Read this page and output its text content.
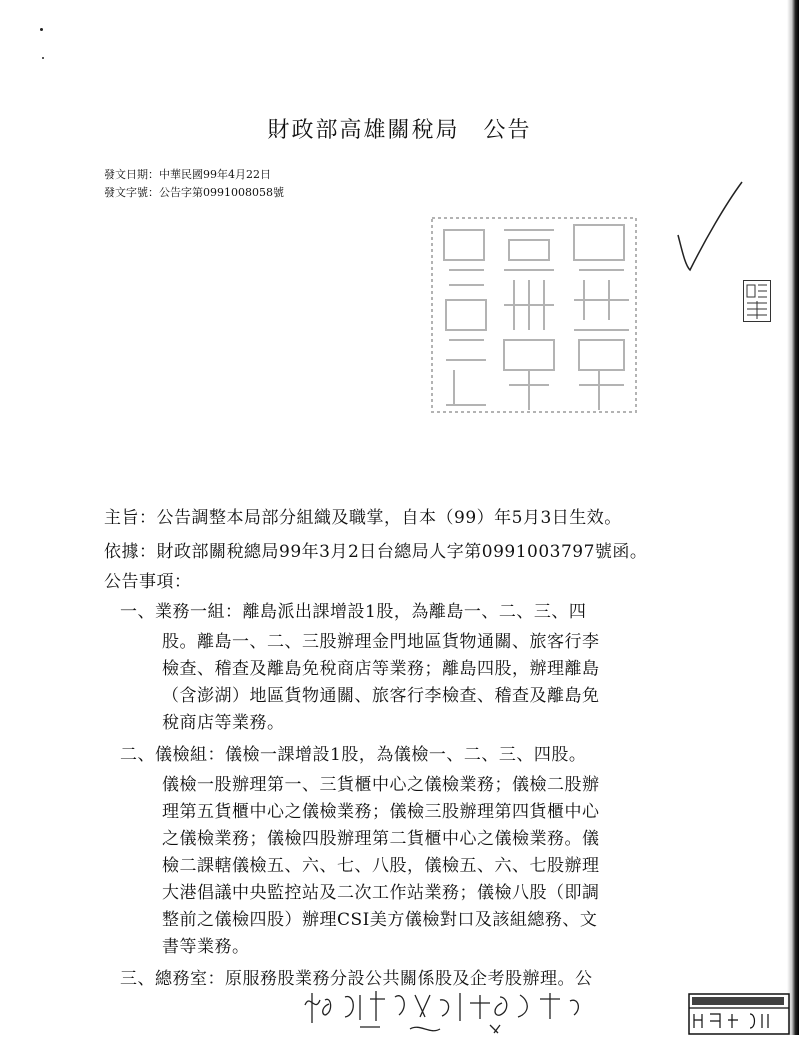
財政部高雄關稅局　公告
發文日期：中華民國99年4月22日
發文字號：公告字第0991008058號
主旨：公告調整本局部分組織及職掌，自本（99）年5月3日生效。
依據：財政部關稅總局99年3月2日台總局人字第0991003797號函。
公告事項：
一、業務一組：離島派出課增設1股，為離島一、二、三、四
股。離島一、二、三股辦理金門地區貨物通關、旅客行李
檢查、稽查及離島免稅商店等業務；離島四股，辦理離島
（含澎湖）地區貨物通關、旅客行李檢查、稽查及離島免
稅商店等業務。
二、儀檢組：儀檢一課增設1股，為儀檢一、二、三、四股。
儀檢一股辦理第一、三貨櫃中心之儀檢業務；儀檢二股辦
理第五貨櫃中心之儀檢業務；儀檢三股辦理第四貨櫃中心
之儀檢業務；儀檢四股辦理第二貨櫃中心之儀檢業務。儀
檢二課轄儀檢五、六、七、八股，儀檢五、六、七股辦理
大港倡議中央監控站及二次工作站業務；儀檢八股（即調
整前之儀檢四股）辦理CSI美方儀檢對口及該組總務、文
書等業務。
三、總務室：原服務股業務分設公共關係股及企考股辦理。公
